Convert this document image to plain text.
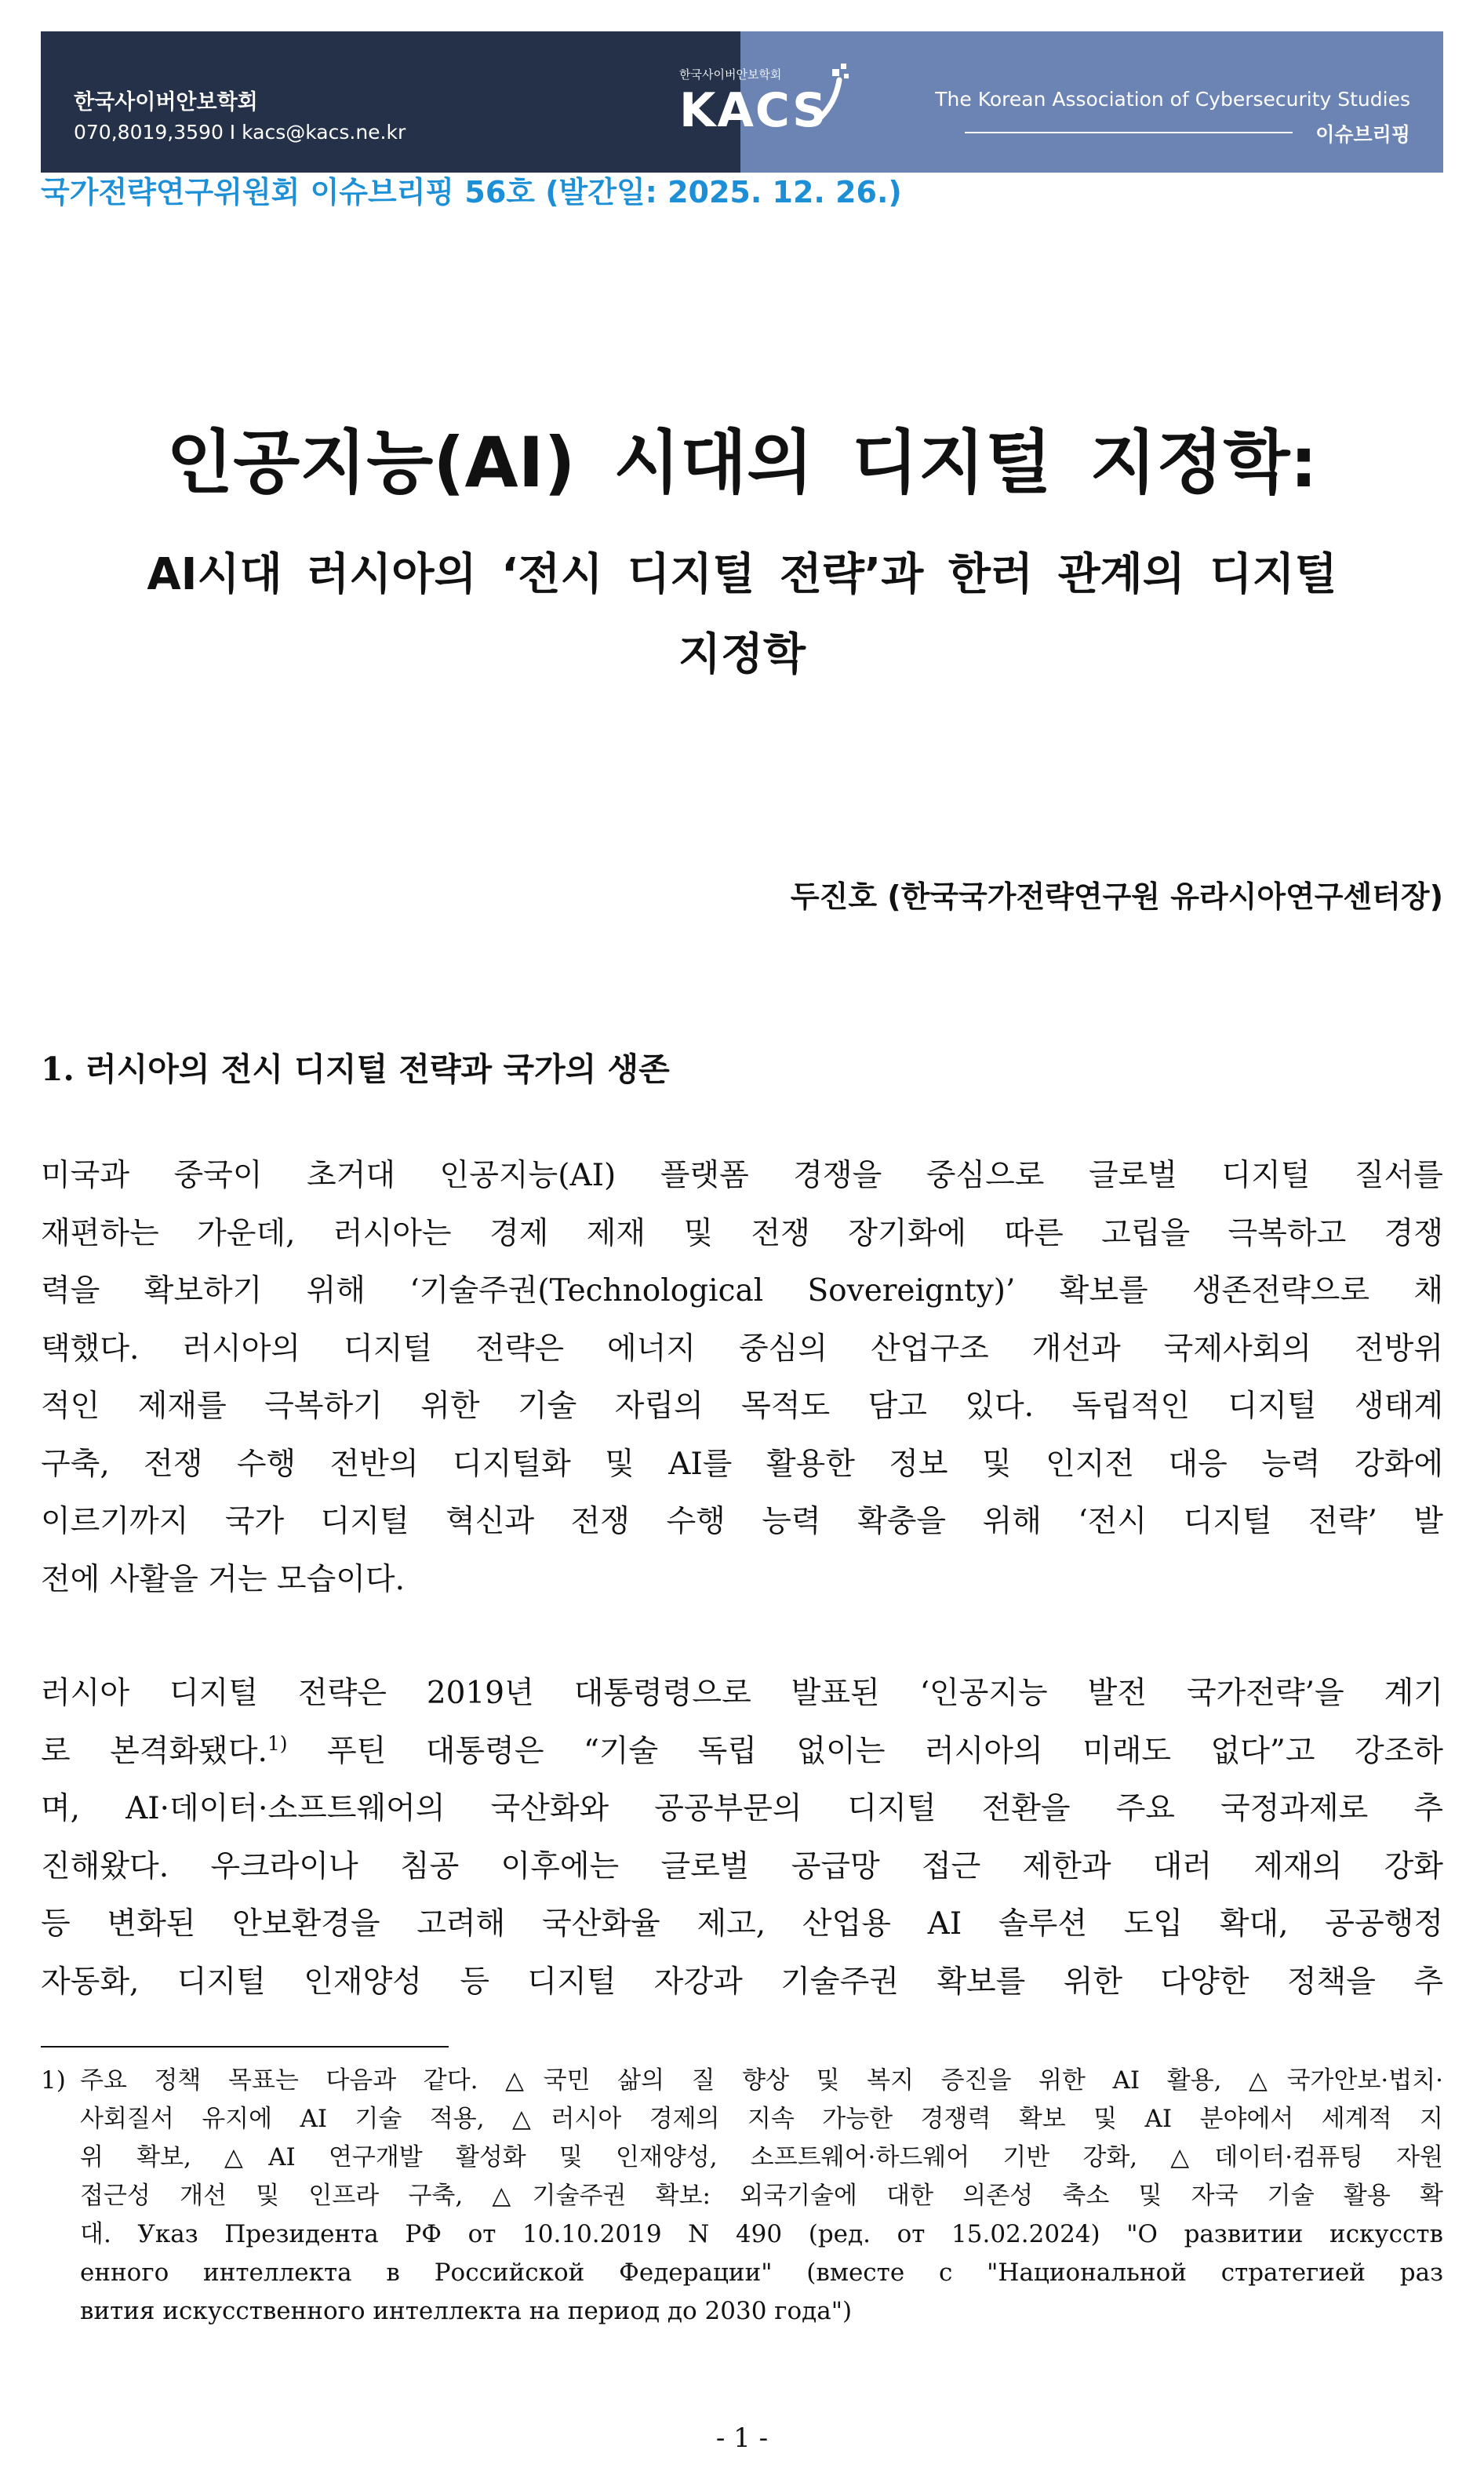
한국사이버안보학회
070,8019,3590 I kacs@kacs.ne.kr
The Korean Association of Cybersecurity Studies
이슈브리핑
한국사이버안보학회
KACS
국가전략연구위원회 이슈브리핑 56호 (발간일: 2025. 12. 26.)
인공지능(AI) 시대의 디지털 지정학:
AI시대 러시아의 ‘전시 디지털 전략’과 한러 관계의 디지털
지정학
두진호 (한국국가전략연구원 유라시아연구센터장)
1. 러시아의 전시 디지털 전략과 국가의 생존
미국과 중국이 초거대 인공지능(AI) 플랫폼 경쟁을 중심으로 글로벌 디지털 질서를
재편하는 가운데, 러시아는 경제 제재 및 전쟁 장기화에 따른 고립을 극복하고 경쟁
력을 확보하기 위해 ‘기술주권(Technological Sovereignty)’ 확보를 생존전략으로 채
택했다. 러시아의 디지털 전략은 에너지 중심의 산업구조 개선과 국제사회의 전방위
적인 제재를 극복하기 위한 기술 자립의 목적도 담고 있다. 독립적인 디지털 생태계
구축, 전쟁 수행 전반의 디지털화 및 AI를 활용한 정보 및 인지전 대응 능력 강화에
이르기까지 국가 디지털 혁신과 전쟁 수행 능력 확충을 위해 ‘전시 디지털 전략’ 발
전에 사활을 거는 모습이다.
러시아 디지털 전략은 2019년 대통령령으로 발표된 ‘인공지능 발전 국가전략’을 계기
로 본격화됐다.$^{1)}$ 푸틴 대통령은 “기술 독립 없이는 러시아의 미래도 없다”고 강조하
며, AI·데이터·소프트웨어의 국산화와 공공부문의 디지털 전환을 주요 국정과제로 추
진해왔다. 우크라이나 침공 이후에는 글로벌 공급망 접근 제한과 대러 제재의 강화
등 변화된 안보환경을 고려해 국산화율 제고, 산업용 AI 솔루션 도입 확대, 공공행정
자동화, 디지털 인재양성 등 디지털 자강과 기술주권 확보를 위한 다양한 정책을 추
1) 주요 정책 목표는 다음과 같다. △국민 삶의 질 향상 및 복지 증진을 위한 AI 활용, △국가안보·법치·
사회질서 유지에 AI 기술 적용, △러시아 경제의 지속 가능한 경쟁력 확보 및 AI 분야에서 세계적 지
위 확보, △AI 연구개발 활성화 및 인재양성, 소프트웨어·하드웨어 기반 강화, △데이터·컴퓨팅 자원
접근성 개선 및 인프라 구축, △기술주권 확보: 외국기술에 대한 의존성 축소 및 자국 기술 활용 확
대. Указ Президента РФ от 10.10.2019 N 490 (ред. от 15.02.2024) "О развитии искусств
енного интеллекта в Российской Федерации" (вместе с "Национальной стратегией раз
вития искусственного интеллекта на период до 2030 года")
- 1 -
